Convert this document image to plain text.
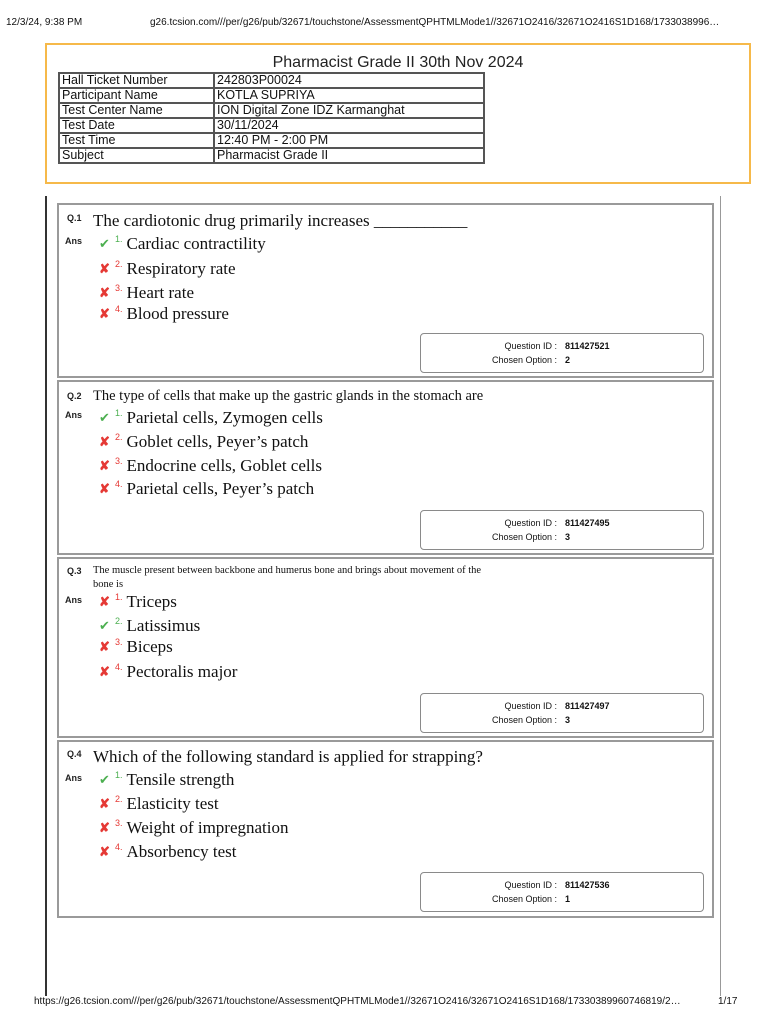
12/3/24, 9:38 PM	g26.tcsion.com///per/g26/pub/32671/touchstone/AssessmentQPHTMLMode1//32671O2416/32671O2416S1D168/1733038996…
Pharmacist Grade II 30th Nov 2024
Hall Ticket Number	242803P00024
Participant Name	KOTLA SUPRIYA
Test Center Name	ION Digital Zone IDZ Karmanghat
Test Date	30/11/2024
Test Time	12:40 PM - 2:00 PM
Subject	Pharmacist Grade II
Q.1 The cardiotonic drug primarily increases ___________
Ans ✔ $^{1.}$ Cardiac contractility
✘ $^{2.}$ Respiratory rate
✘ $^{3.}$ Heart rate
✘ $^{4.}$ Blood pressure
Question ID : 811427521
Chosen Option : 2
Q.2 The type of cells that make up the gastric glands in the stomach are
Ans ✔ $^{1.}$ Parietal cells, Zymogen cells
✘ $^{2.}$ Goblet cells, Peyer’s patch
✘ $^{3.}$ Endocrine cells, Goblet cells
✘ $^{4.}$ Parietal cells, Peyer’s patch
Question ID : 811427495
Chosen Option : 3
Q.3 The muscle present between backbone and humerus bone and brings about movement of the
bone is
Ans ✘ $^{1.}$ Triceps
✔ $^{2.}$ Latissimus
✘ $^{3.}$ Biceps
✘ $^{4.}$ Pectoralis major
Question ID : 811427497
Chosen Option : 3
Q.4 Which of the following standard is applied for strapping?
Ans ✔ $^{1.}$ Tensile strength
✘ $^{2.}$ Elasticity test
✘ $^{3.}$ Weight of impregnation
✘ $^{4.}$ Absorbency test
Question ID : 811427536
Chosen Option : 1
https://g26.tcsion.com///per/g26/pub/32671/touchstone/AssessmentQPHTMLMode1//32671O2416/32671O2416S1D168/17330389960746819/2…	1/17
